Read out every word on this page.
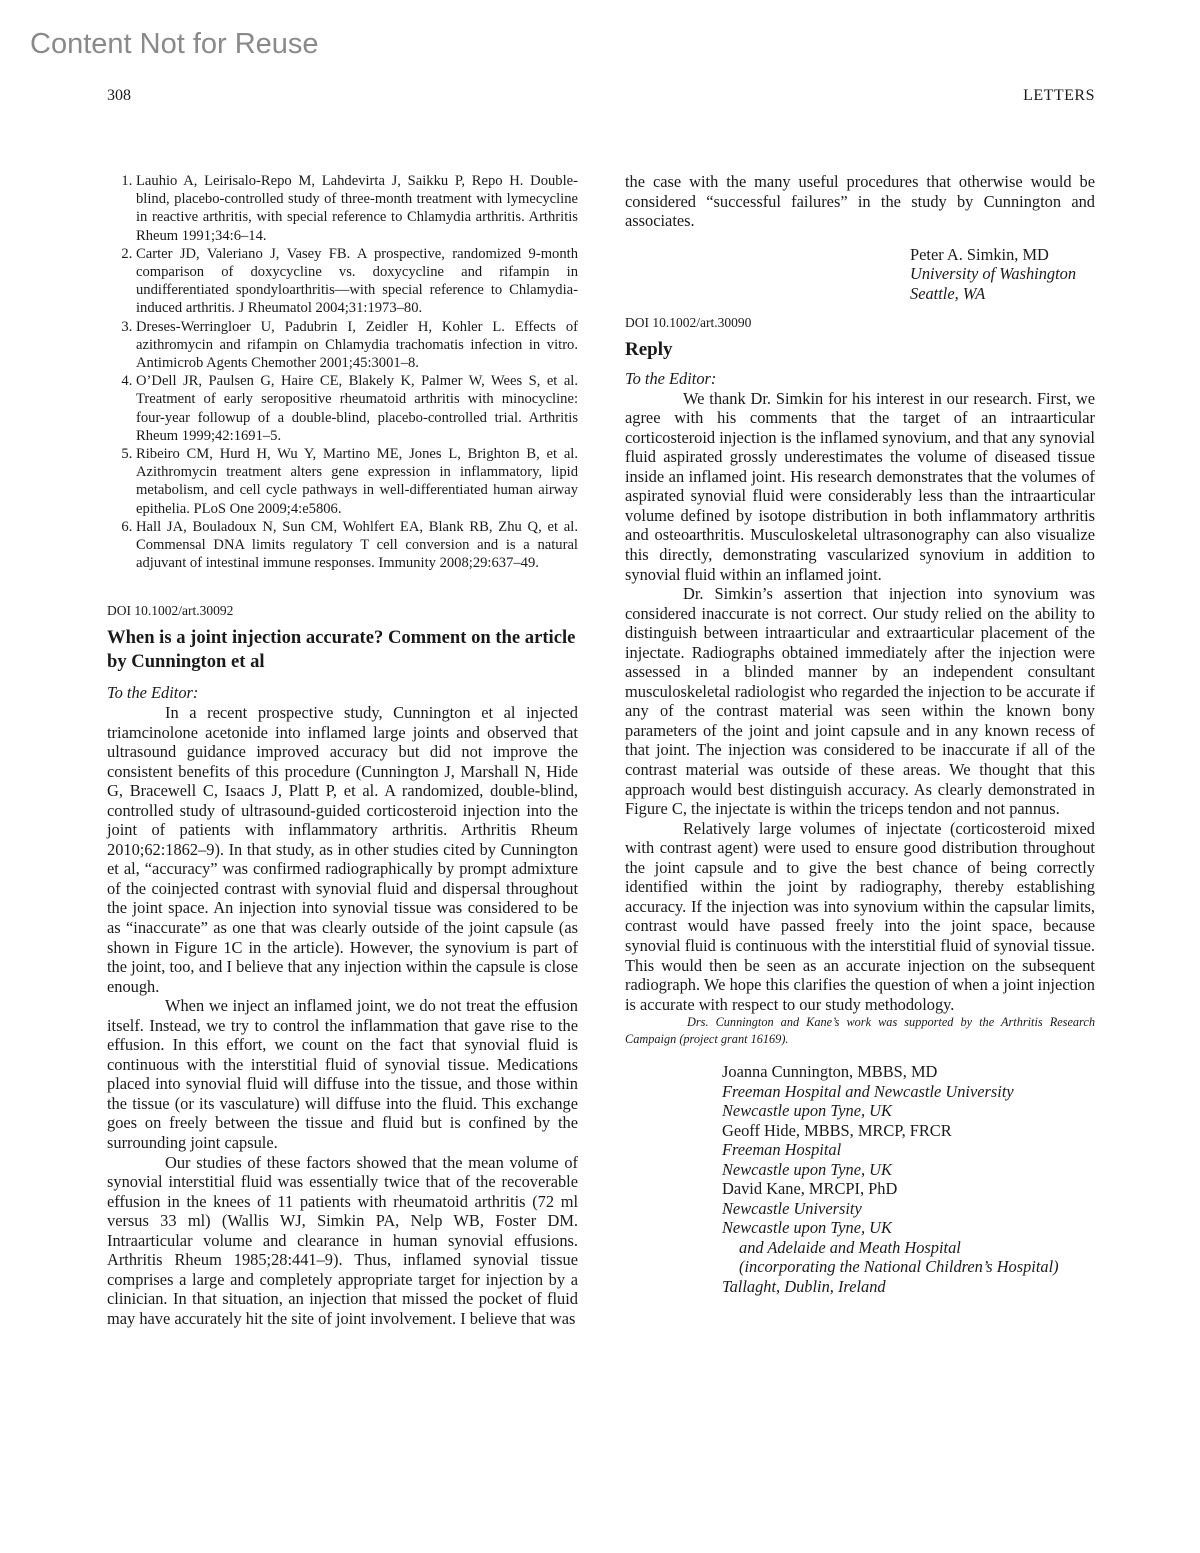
Content Not for Reuse
308	LETTERS
1. Lauhio A, Leirisalo-Repo M, Lahdevirta J, Saikku P, Repo H. Double-blind, placebo-controlled study of three-month treatment with lymecycline in reactive arthritis, with special reference to Chlamydia arthritis. Arthritis Rheum 1991;34:6–14.
2. Carter JD, Valeriano J, Vasey FB. A prospective, randomized 9-month comparison of doxycycline vs. doxycycline and rifampin in undifferentiated spondyloarthritis—with special reference to Chlamydia-induced arthritis. J Rheumatol 2004;31:1973–80.
3. Dreses-Werringloer U, Padubrin I, Zeidler H, Kohler L. Effects of azithromycin and rifampin on Chlamydia trachomatis infection in vitro. Antimicrob Agents Chemother 2001;45:3001–8.
4. O’Dell JR, Paulsen G, Haire CE, Blakely K, Palmer W, Wees S, et al. Treatment of early seropositive rheumatoid arthritis with minocycline: four-year followup of a double-blind, placebo-controlled trial. Arthritis Rheum 1999;42:1691–5.
5. Ribeiro CM, Hurd H, Wu Y, Martino ME, Jones L, Brighton B, et al. Azithromycin treatment alters gene expression in inflammatory, lipid metabolism, and cell cycle pathways in well-differentiated human airway epithelia. PLoS One 2009;4:e5806.
6. Hall JA, Bouladoux N, Sun CM, Wohlfert EA, Blank RB, Zhu Q, et al. Commensal DNA limits regulatory T cell conversion and is a natural adjuvant of intestinal immune responses. Immunity 2008;29:637–49.

DOI 10.1002/art.30092

When is a joint injection accurate? Comment on the article by Cunnington et al

To the Editor:

In a recent prospective study, Cunnington et al injected triamcinolone acetonide into inflamed large joints and observed that ultrasound guidance improved accuracy but did not improve the consistent benefits of this procedure (Cunnington J, Marshall N, Hide G, Bracewell C, Isaacs J, Platt P, et al. A randomized, double-blind, controlled study of ultrasound-guided corticosteroid injection into the joint of patients with inflammatory arthritis. Arthritis Rheum 2010;62:1862–9). In that study, as in other studies cited by Cunnington et al, “accuracy” was confirmed radiographically by prompt admixture of the coinjected contrast with synovial fluid and dispersal throughout the joint space. An injection into synovial tissue was considered to be as “inaccurate” as one that was clearly outside of the joint capsule (as shown in Figure 1C in the article). However, the synovium is part of the joint, too, and I believe that any injection within the capsule is close enough.

When we inject an inflamed joint, we do not treat the effusion itself. Instead, we try to control the inflammation that gave rise to the effusion. In this effort, we count on the fact that synovial fluid is continuous with the interstitial fluid of synovial tissue. Medications placed into synovial fluid will diffuse into the tissue, and those within the tissue (or its vasculature) will diffuse into the fluid. This exchange goes on freely between the tissue and fluid but is confined by the surrounding joint capsule.

Our studies of these factors showed that the mean volume of synovial interstitial fluid was essentially twice that of the recoverable effusion in the knees of 11 patients with rheumatoid arthritis (72 ml versus 33 ml) (Wallis WJ, Simkin PA, Nelp WB, Foster DM. Intraarticular volume and clearance in human synovial effusions. Arthritis Rheum 1985;28:441–9). Thus, inflamed synovial tissue comprises a large and completely appropriate target for injection by a clinician. In that situation, an injection that missed the pocket of fluid may have accurately hit the site of joint involvement. I believe that was

the case with the many useful procedures that otherwise would be considered “successful failures” in the study by Cunnington and associates.

Peter A. Simkin, MD

University of Washington

Seattle, WA

DOI 10.1002/art.30090

Reply

To the Editor:

We thank Dr. Simkin for his interest in our research. First, we agree with his comments that the target of an intraarticular corticosteroid injection is the inflamed synovium, and that any synovial fluid aspirated grossly underestimates the volume of diseased tissue inside an inflamed joint. His research demonstrates that the volumes of aspirated synovial fluid were considerably less than the intraarticular volume defined by isotope distribution in both inflammatory arthritis and osteoarthritis. Musculoskeletal ultrasonography can also visualize this directly, demonstrating vascularized synovium in addition to synovial fluid within an inflamed joint.

Dr. Simkin’s assertion that injection into synovium was considered inaccurate is not correct. Our study relied on the ability to distinguish between intraarticular and extraarticular placement of the injectate. Radiographs obtained immediately after the injection were assessed in a blinded manner by an independent consultant musculoskeletal radiologist who regarded the injection to be accurate if any of the contrast material was seen within the known bony parameters of the joint and joint capsule and in any known recess of that joint. The injection was considered to be inaccurate if all of the contrast material was outside of these areas. We thought that this approach would best distinguish accuracy. As clearly demonstrated in Figure C, the injectate is within the triceps tendon and not pannus.

Relatively large volumes of injectate (corticosteroid mixed with contrast agent) were used to ensure good distribution throughout the joint capsule and to give the best chance of being correctly identified within the joint by radiography, thereby establishing accuracy. If the injection was into synovium within the capsular limits, contrast would have passed freely into the joint space, because synovial fluid is continuous with the interstitial fluid of synovial tissue. This would then be seen as an accurate injection on the subsequent radiograph. We hope this clarifies the question of when a joint injection is accurate with respect to our study methodology.

Drs. Cunnington and Kane’s work was supported by the Arthritis Research Campaign (project grant 16169).

Joanna Cunnington, MBBS, MD

Freeman Hospital and Newcastle University

Newcastle upon Tyne, UK

Geoff Hide, MBBS, MRCP, FRCR

Freeman Hospital

Newcastle upon Tyne, UK

David Kane, MRCPI, PhD

Newcastle University

Newcastle upon Tyne, UK

and Adelaide and Meath Hospital

(incorporating the National Children’s Hospital)

Tallaght, Dublin, Ireland
